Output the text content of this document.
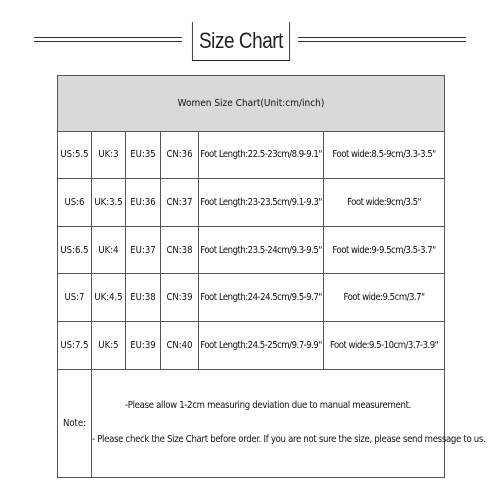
Size Chart
Women Size Chart(Unit:cm/inch)					
US:5.5	UK:3	EU:35	CN:36	Foot Length:22.5-23cm/8.9-9.1"	Foot wide:8.5-9cm/3.3-3.5"
US:6	UK:3.5	EU:36	CN:37	Foot Length:23-23.5cm/9.1-9.3"	Foot wide:9cm/3.5"
US:6.5	UK:4	EU:37	CN:38	Foot Length:23.5-24cm/9.3-9.5"	Foot wide:9-9.5cm/3.5-3.7"
US:7	UK:4.5	EU:38	CN:39	Foot Length:24-24.5cm/9.5-9.7"	Foot wide:9.5cm/3.7"
US:7.5	UK:5	EU:39	CN:40	Foot Length:24.5-25cm/9.7-9.9"	Foot wide:9.5-10cm/3.7-3.9"
Note:	-Please allow 1-2cm measuring deviation due to manual measurement.
- Please check the Size Chart before order. If you are not sure the size, please send message to us.				
